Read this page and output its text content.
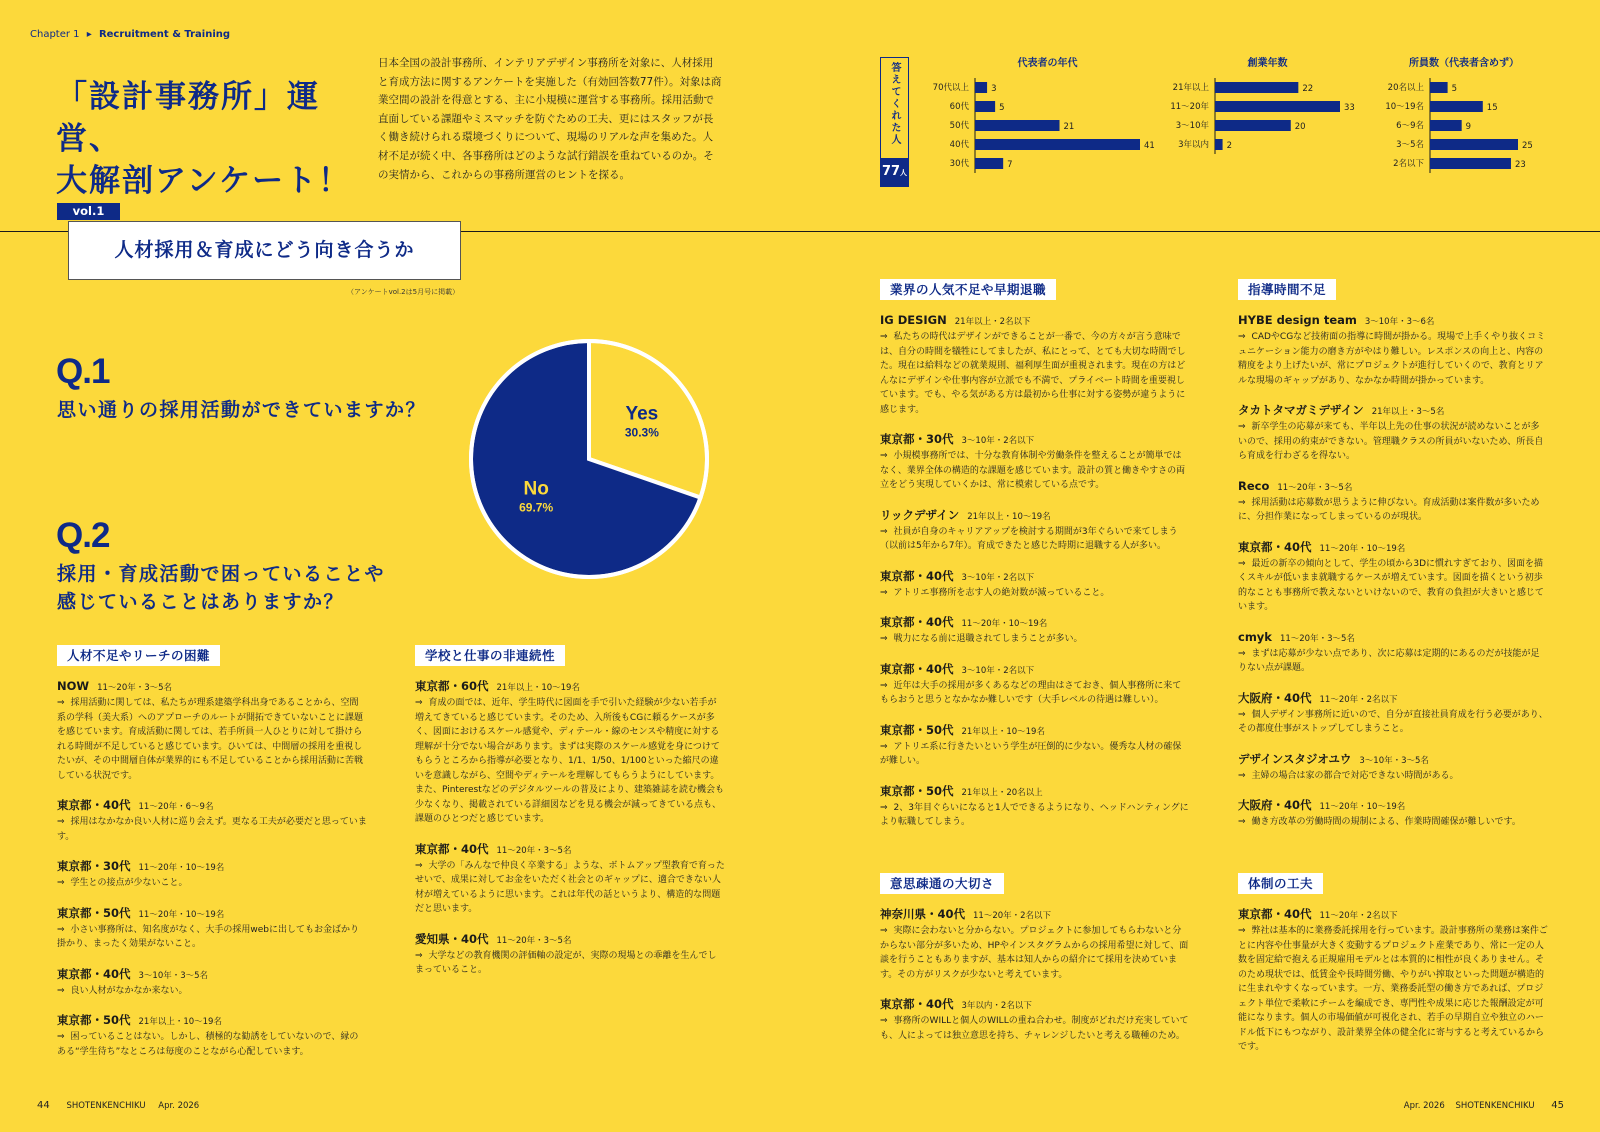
Chapter 1 ▸ Recruitment & Training
「設計事務所」運営、
大解剖アンケート！
日本全国の設計事務所、インテリアデザイン事務所を対象に、人材採用と育成方法に関するアンケートを実施した（有効回答数77件）。対象は商業空間の設計を得意とする、主に小規模に運営する事務所。採用活動で直面している課題やミスマッチを防ぐための工夫、更にはスタッフが長く働き続けられる環境づくりについて、現場のリアルな声を集めた。人材不足が続く中、各事務所はどのような試行錯誤を重ねているのか。その実情から、これからの事務所運営のヒントを探る。
答えてくれた人
77人
代表者の年代
70代以上	3
60代	5
50代	21
40代	41
30代	7
創業年数
21年以上	22
11〜20年	33
3〜10年	20
3年以内 2
所員数（代表者含めず）
20名以上	5
10〜19名	15
6〜9名	9
3〜5名	25
2名以下	23
vol.1
人材採用＆育成にどう向き合うか
（アンケートvol.2は5月号に掲載）
Q.1
思い通りの採用活動ができていますか？
Q.2
採用・育成活動で困っていることや
感じていることはありますか？
Yes
30.3%
No
69.7%
人材不足やリーチの困難
NOW 11〜20年・3〜5名
⇒ 採用活動に関しては、私たちが理系建築学科出身であることから、空間系の学科（美大系）へのアプローチのルートが開拓できていないことに課題を感じています。育成活動に関しては、若手所員一人ひとりに対して掛けられる時間が不足していると感じています。ひいては、中間層の採用を重視したいが、その中間層自体が業界的にも不足していることから採用活動に苦戦している状況です。
東京都・40代 11〜20年・6〜9名
⇒ 採用はなかなか良い人材に巡り会えず。更なる工夫が必要だと思っています。
東京都・30代 11〜20年・10〜19名
⇒ 学生との接点が少ないこと。
東京都・50代 11〜20年・10〜19名
⇒ 小さい事務所は、知名度がなく、大手の採用webに出してもお金ばかり掛かり、まったく効果がないこと。
東京都・40代 3〜10年・3〜5名
⇒ 良い人材がなかなか来ない。
東京都・50代 21年以上・10〜19名
⇒ 困っていることはない。しかし、積極的な勧誘をしていないので、縁のある“学生待ち”なところは毎度のことながら心配しています。
学校と仕事の非連続性
東京都・60代 21年以上・10〜19名
⇒ 育成の面では、近年、学生時代に図面を手で引いた経験が少ない若手が増えてきていると感じています。そのため、入所後もCGに頼るケースが多く、図面におけるスケール感覚や、ディテール・線のセンスや精度に対する理解が十分でない場合があります。まずは実際のスケール感覚を身につけてもらうところから指導が必要となり、1/1、1/50、1/100といった縮尺の違いを意識しながら、空間やディテールを理解してもらうようにしています。また、Pinterestなどのデジタルツールの普及により、建築雑誌を読む機会も少なくなり、掲載されている詳細図などを見る機会が減ってきている点も、課題のひとつだと感じています。
東京都・40代 11〜20年・3〜5名
⇒ 大学の「みんなで仲良く卒業する」ような、ボトムアップ型教育で育ったせいで、成果に対してお金をいただく社会とのギャップに、適合できない人材が増えているように思います。これは年代の話というより、構造的な問題だと思います。
愛知県・40代 11〜20年・3〜5名
⇒ 大学などの教育機関の評価軸の設定が、実際の現場との乖離を生んでしまっていること。
業界の人気不足や早期退職
IG DESIGN 21年以上・2名以下
⇒ 私たちの時代はデザインができることが一番で、今の方々が言う意味では、自分の時間を犠牲にしてましたが、私にとって、とても大切な時間でした。現在は給料などの就業規則、福利厚生面が重視されます。現在の方はどんなにデザインや仕事内容が立派でも不満で、プライベート時間を重要視しています。でも、やる気がある方は最初から仕事に対する姿勢が違うように感じます。
東京都・30代 3〜10年・2名以下
⇒ 小規模事務所では、十分な教育体制や労働条件を整えることが簡単ではなく、業界全体の構造的な課題を感じています。設計の質と働きやすさの両立をどう実現していくかは、常に模索している点です。
リックデザイン 21年以上・10〜19名
⇒ 社員が自身のキャリアアップを検討する期間が3年ぐらいで来てしまう（以前は5年から7年）。育成できたと感じた時期に退職する人が多い。
東京都・40代 3〜10年・2名以下
⇒ アトリエ事務所を志す人の絶対数が減っていること。
東京都・40代 11〜20年・10〜19名
⇒ 戦力になる前に退職されてしまうことが多い。
東京都・40代 3〜10年・2名以下
⇒ 近年は大手の採用が多くあるなどの理由はさておき、個人事務所に来てもらおうと思うとなかなか難しいです（大手レベルの待遇は難しい）。
東京都・50代 21年以上・10〜19名
⇒ アトリエ系に行きたいという学生が圧倒的に少ない。優秀な人材の確保が難しい。
東京都・50代 21年以上・20名以上
⇒ 2、3年目ぐらいになると1人でできるようになり、ヘッドハンティングにより転職してしまう。
指導時間不足
HYBE design team 3〜10年・3〜6名
⇒ CADやCGなど技術面の指導に時間が掛かる。現場で上手くやり抜くコミュニケーション能力の磨き方がやはり難しい。レスポンスの向上と、内容の精度をより上げたいが、常にプロジェクトが進行していくので、教育とリアルな現場のギャップがあり、なかなか時間が掛かっています。
タカトタマガミデザイン 21年以上・3〜5名
⇒ 新卒学生の応募が来ても、半年以上先の仕事の状況が読めないことが多いので、採用の約束ができない。管理職クラスの所員がいないため、所長自ら育成を行わざるを得ない。
Reco 11〜20年・3〜5名
⇒ 採用活動は応募数が思うように伸びない。育成活動は案件数が多いために、分担作業になってしまっているのが現状。
東京都・40代 11〜20年・10〜19名
⇒ 最近の新卒の傾向として、学生の頃から3Dに慣れすぎており、図面を描くスキルが低いまま就職するケースが増えています。図面を描くという初歩的なことも事務所で教えないといけないので、教育の負担が大きいと感じています。
cmyk 11〜20年・3〜5名
⇒ まずは応募が少ない点であり、次に応募は定期的にあるのだが技能が足りない点が課題。
大阪府・40代 11〜20年・2名以下
⇒ 個人デザイン事務所に近いので、自分が直接社員育成を行う必要があり、その都度仕事がストップしてしまうこと。
デザインスタジオユウ 3〜10年・3〜5名
⇒ 主婦の場合は家の都合で対応できない時間がある。
大阪府・40代 11〜20年・10〜19名
⇒ 働き方改革の労働時間の規制による、作業時間確保が難しいです。
意思疎通の大切さ
神奈川県・40代 11〜20年・2名以下
⇒ 実際に会わないと分からない。プロジェクトに参加してもらわないと分からない部分が多いため、HPやインスタグラムからの採用希望に対して、面談を行うこともありますが、基本は知人からの紹介にて採用を決めています。その方がリスクが少ないと考えています。
東京都・40代 3年以内・2名以下
⇒ 事務所のWILLと個人のWILLの重ね合わせ。制度がどれだけ充実していても、人によっては独立意思を持ち、チャレンジしたいと考える職種のため。
体制の工夫
東京都・40代 11〜20年・2名以下
⇒ 弊社は基本的に業務委託採用を行っています。設計事務所の業務は案件ごとに内容や仕事量が大きく変動するプロジェクト産業であり、常に一定の人数を固定給で抱える正規雇用モデルとは本質的に相性が良くありません。そのため現状では、低賃金や長時間労働、やりがい搾取といった問題が構造的に生まれやすくなっています。一方、業務委託型の働き方であれば、プロジェクト単位で柔軟にチームを編成でき、専門性や成果に応じた報酬設定が可能になります。個人の市場価値が可視化され、若手の早期自立や独立のハードル低下にもつながり、設計業界全体の健全化に寄与すると考えているからです。
44 SHOTENKENCHIKU Apr. 2026	Apr. 2026 SHOTENKENCHIKU 45
